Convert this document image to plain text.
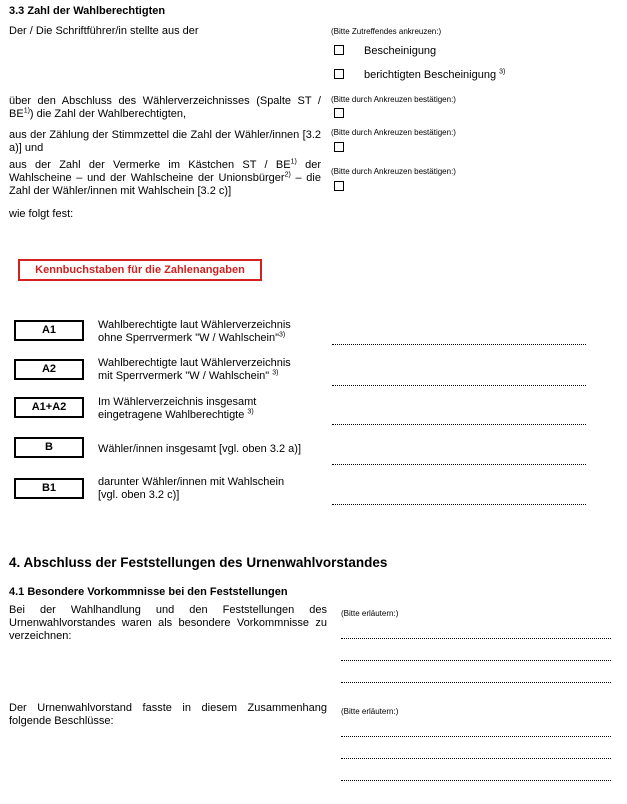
3.3 Zahl der Wahlberechtigten
Der / Die Schriftführer/in stellte aus der	(Bitte Zutreffendes ankreuzen:)
Bescheinigung
berichtigten Bescheinigung $^{3)}$
über den Abschluss des Wählerverzeichnisses (Spalte ST / BE$^{1)}$) die Zahl der Wahlberechtigten,
(Bitte durch Ankreuzen bestätigen:)
aus der Zählung der Stimmzettel die Zahl der Wähler/innen [3.2 a)] und
(Bitte durch Ankreuzen bestätigen:)
aus der Zahl der Vermerke im Kästchen ST / BE$^{1)}$ der Wahlscheine – und der Wahlscheine der Unionsbürger$^{2)}$ – die Zahl der Wähler/innen mit Wahlschein [3.2 c)]
(Bitte durch Ankreuzen bestätigen:)
wie folgt fest:
Kennbuchstaben für die Zahlenangaben
A1	Wahlberechtigte laut Wählerverzeichnis
ohne Sperrvermerk "W / Wahlschein"$^{3)}$
A2	Wahlberechtigte laut Wählerverzeichnis
mit Sperrvermerk "W / Wahlschein" $^{3)}$
A1+A2	Im Wählerverzeichnis insgesamt
eingetragene Wahlberechtigte $^{3)}$
B	Wähler/innen insgesamt [vgl. oben 3.2 a)]
B1	darunter Wähler/innen mit Wahlschein
[vgl. oben 3.2 c)]
4. Abschluss der Feststellungen des Urnenwahlvorstandes
4.1 Besondere Vorkommnisse bei den Feststellungen
Bei der Wahlhandlung und den Feststellungen des Urnenwahlvorstandes waren als besondere Vorkommnisse zu verzeichnen:
(Bitte erläutern:)
Der Urnenwahlvorstand fasste in diesem Zusammenhang folgende Beschlüsse:
(Bitte erläutern:)
